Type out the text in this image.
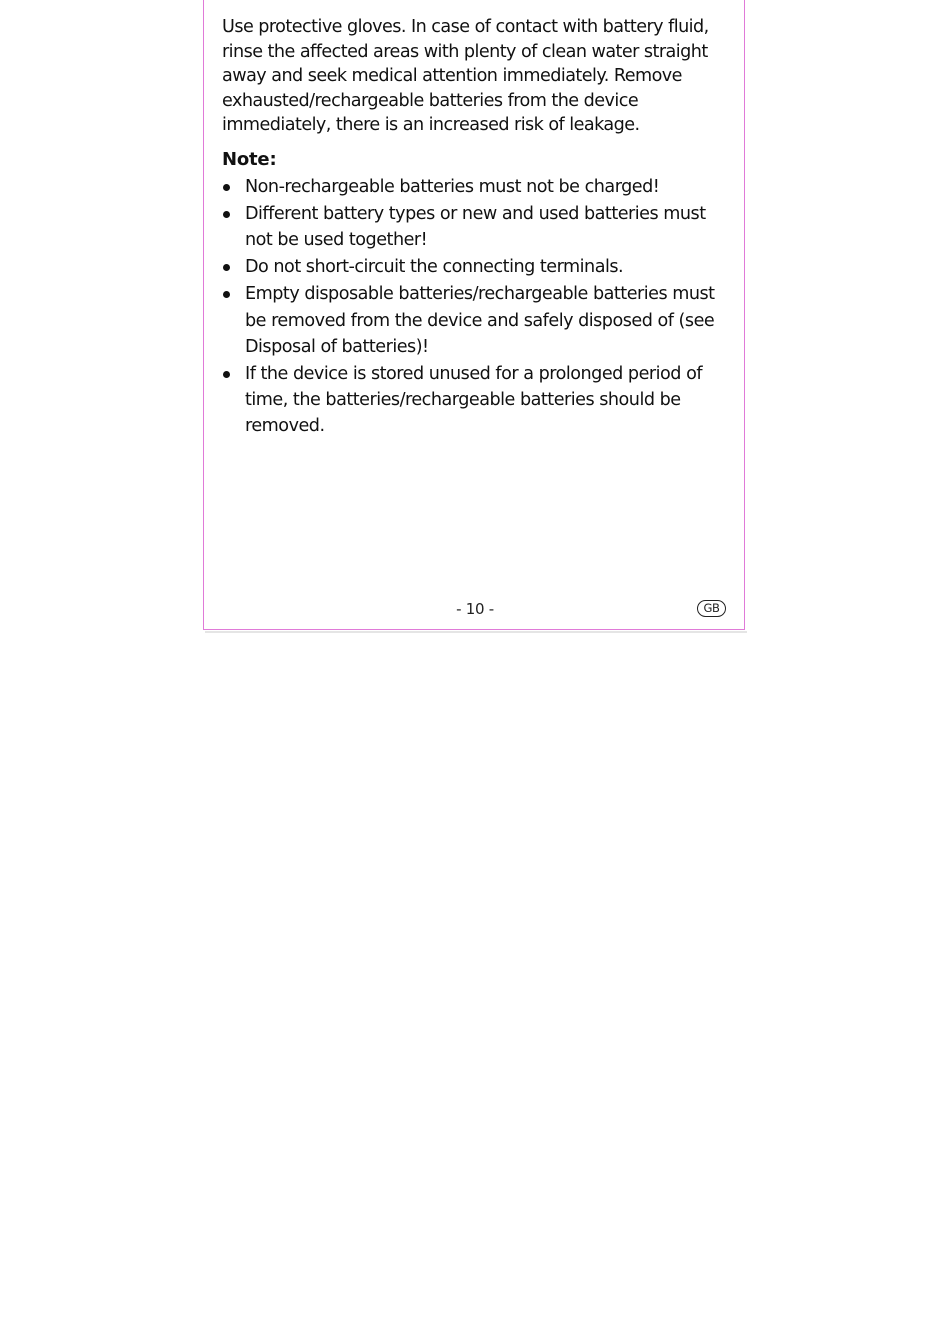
Use protective gloves. In case of contact with battery fluid, rinse the affected areas with plenty of clean water straight away and seek medical attention immediately. Remove exhausted/rechargeable batteries from the device immediately, there is an increased risk of leakage.

Note:
Non-rechargeable batteries must not be charged!
Different battery types or new and used batteries must not be used together!
Do not short-circuit the connecting terminals.
Empty disposable batteries/rechargeable batteries must be removed from the device and safely disposed of (see Disposal of batteries)!
If the device is stored unused for a prolonged period of time, the batteries/rechargeable batteries should be removed.
- 10 -	GB
